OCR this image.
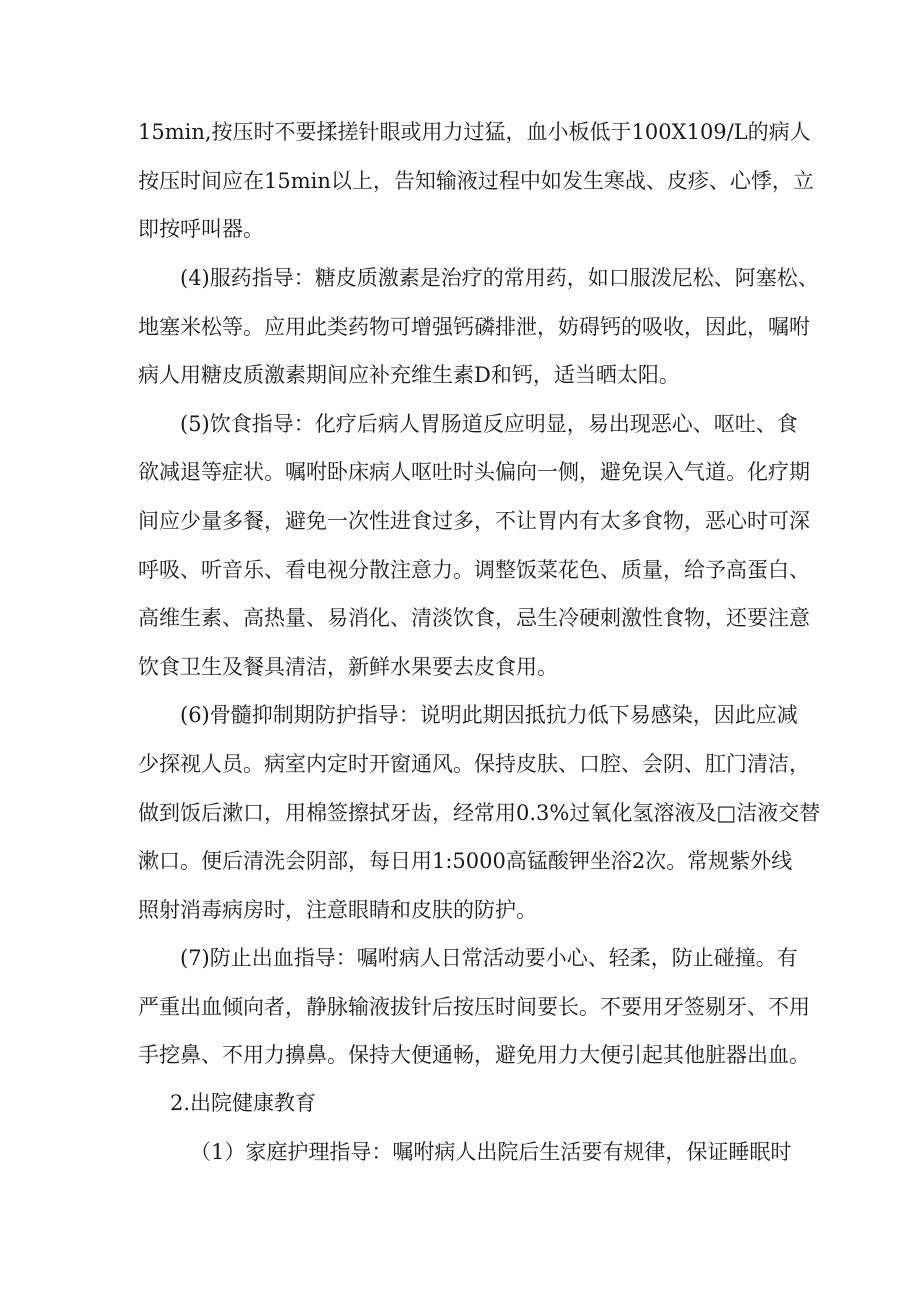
15min,按压时不要揉搓针眼或用力过猛，血小板低于100X109/L的病人
按压时间应在15min以上，告知输液过程中如发生寒战、皮疹、心悸，立
即按呼叫器。
(4)服药指导：糖皮质激素是治疗的常用药，如口服泼尼松、阿塞松、
地塞米松等。应用此类药物可增强钙磷排泄，妨碍钙的吸收，因此，嘱咐
病人用糖皮质激素期间应补充维生素D和钙，适当晒太阳。
(5)饮食指导：化疗后病人胃肠道反应明显，易出现恶心、呕吐、食
欲减退等症状。嘱咐卧床病人呕吐时头偏向一侧，避免误入气道。化疗期
间应少量多餐，避免一次性进食过多，不让胃内有太多食物，恶心时可深
呼吸、听音乐、看电视分散注意力。调整饭菜花色、质量，给予高蛋白、
高维生素、高热量、易消化、清淡饮食，忌生冷硬刺激性食物，还要注意
饮食卫生及餐具清洁，新鲜水果要去皮食用。
(6)骨髓抑制期防护指导：说明此期因抵抗力低下易感染，因此应减
少探视人员。病室内定时开窗通风。保持皮肤、口腔、会阴、肛门清洁，
做到饭后漱口，用棉签擦拭牙齿，经常用0.3%过氧化氢溶液及□洁液交替
漱口。便后清洗会阴部，每日用1:5000高锰酸钾坐浴2次。常规紫外线
照射消毒病房时，注意眼睛和皮肤的防护。
(7)防止出血指导：嘱咐病人日常活动要小心、轻柔，防止碰撞。有
严重出血倾向者，静脉输液拔针后按压时间要长。不要用牙签剔牙、不用
手挖鼻、不用力擤鼻。保持大便通畅，避免用力大便引起其他脏器出血。
2.出院健康教育
（1）家庭护理指导：嘱咐病人出院后生活要有规律，保证睡眠时
